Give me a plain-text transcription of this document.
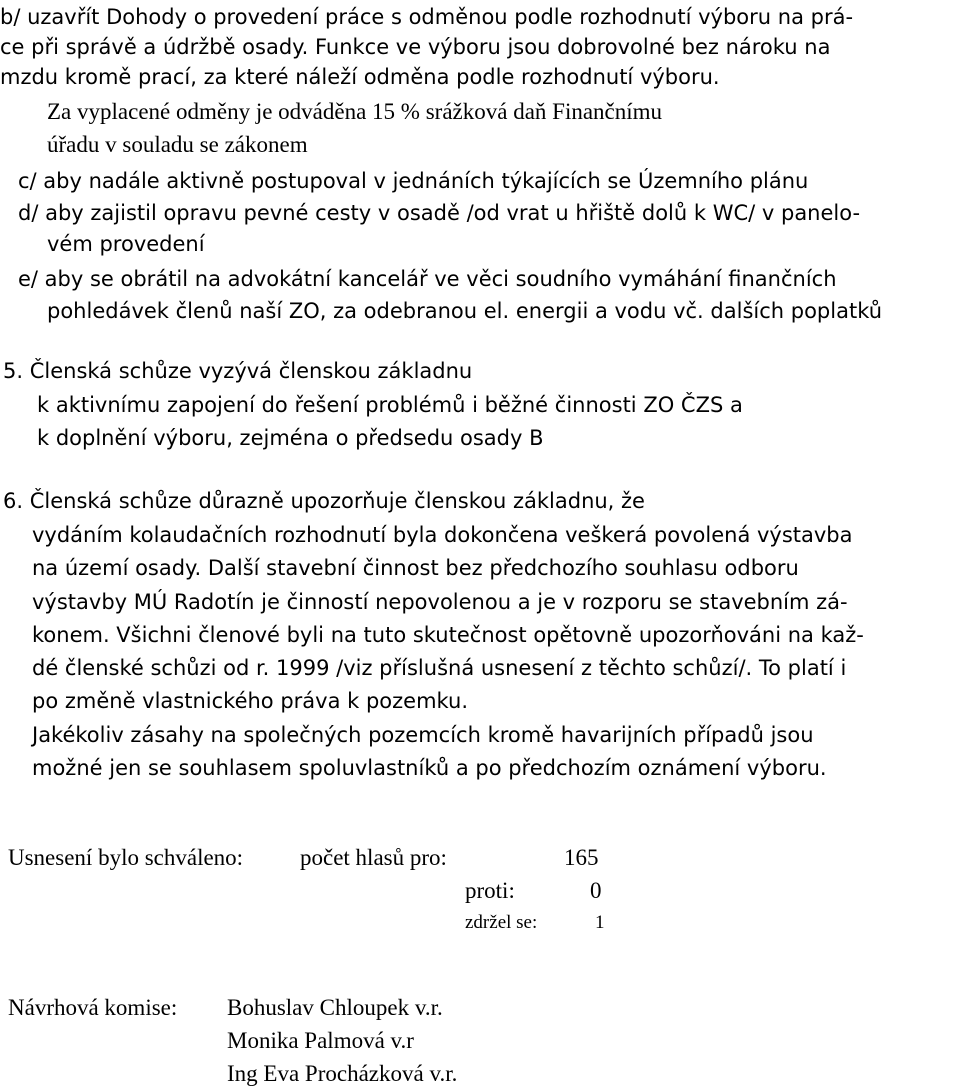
b/ uzavřít Dohody o provedení práce s odměnou podle rozhodnutí výboru na prá-
ce při správě a údržbě osady. Funkce ve výboru jsou dobrovolné bez nároku na
mzdu kromě prací, za které náleží odměna podle rozhodnutí výboru.
Za vyplacené odměny je odváděna 15 % srážková daň Finančnímu
úřadu v souladu se zákonem
c/ aby nadále aktivně postupoval v jednáních týkajících se Územního plánu
d/ aby zajistil opravu pevné cesty v osadě /od vrat u hřiště dolů k WC/ v panelo-
vém provedení
e/ aby se obrátil na advokátní kancelář ve věci soudního vymáhání finančních
pohledávek členů naší ZO, za odebranou el. energii a vodu vč. dalších poplatků
5. Členská schůze vyzývá členskou základnu
k aktivnímu zapojení do řešení problémů i běžné činnosti ZO ČZS a
k doplnění výboru, zejména o předsedu osady B
6. Členská schůze důrazně upozorňuje členskou základnu, že
vydáním kolaudačních rozhodnutí byla dokončena veškerá povolená výstavba
na území osady. Další stavební činnost bez předchozího souhlasu odboru
výstavby MÚ Radotín je činností nepovolenou a je v rozporu se stavebním zá-
konem. Všichni členové byli na tuto skutečnost opětovně upozorňováni na kaž-
dé členské schůzi od r. 1999 /viz příslušná usnesení z těchto schůzí/. To platí i
po změně vlastnického práva k pozemku.
Jakékoliv zásahy na společných pozemcích kromě havarijních případů jsou
možné jen se souhlasem spoluvlastníků a po předchozím oznámení výboru.
Usnesení bylo schváleno: počet hlasů pro:	165
proti:	0
zdržel se:	1
Návrhová komise: Bohuslav Chloupek v.r.
Monika Palmová v.r
Ing Eva Procházková v.r.
